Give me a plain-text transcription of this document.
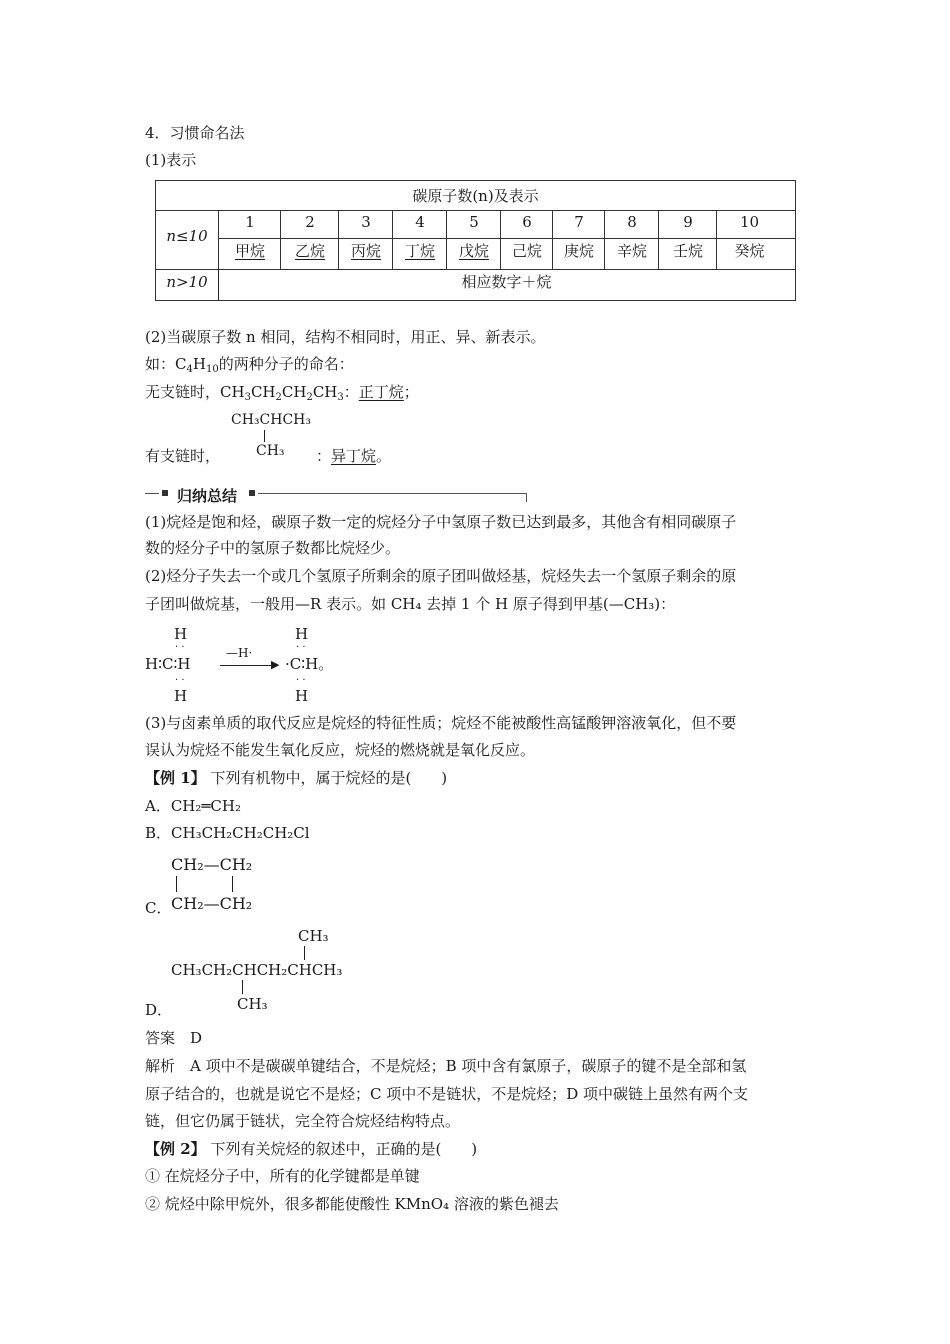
4．习惯命名法
(1)表示
碳原子数(n)及表示
n≤10
n>10	相应数字＋烷
1
甲烷
2
乙烷
3
丙烷
4
丁烷
5
戊烷
6
己烷
7
庚烷
8
辛烷
9
壬烷
10
癸烷
(2)当碳原子数 n 相同，结构不相同时，用正、异、新表示。
如：$C_4H_{10}$的两种分子的命名：
无支链时，$CH_3CH_2CH_2CH_3$：正丁烷；
CH₃CHCH₃
CH₃
有支链时，	：异丁烷。
归纳总结
(1)烷烃是饱和烃，碳原子数一定的烷烃分子中氢原子数已达到最多，其他含有相同碳原子
数的烃分子中的氢原子数都比烷烃少。
(2)烃分子失去一个或几个氢原子所剩余的原子团叫做烃基，烷烃失去一个氢原子剩余的原
子团叫做烷基，一般用—R 表示。如 CH₄ 去掉 1 个 H 原子得到甲基(—CH₃)：
H
· ·
H∶C∶H
· ·
H
—H·
▶
H
· ·
·C∶H。
· ·
H
(3)与卤素单质的取代反应是烷烃的特征性质；烷烃不能被酸性高锰酸钾溶液氧化，但不要
误认为烷烃不能发生氧化反应，烷烃的燃烧就是氧化反应。
【例 1】 下列有机物中，属于烷烃的是(　　)
A．CH₂═CH₂
B．CH₃CH₂CH₂CH₂Cl
CH₂—CH₂
C． CH₂—CH₂
CH₃
CH₃CH₂CHCH₂CHCH₃
CH₃
D．
答案　D
解析　A 项中不是碳碳单键结合，不是烷烃；B 项中含有氯原子，碳原子的键不是全部和氢
原子结合的，也就是说它不是烃；C 项中不是链状，不是烷烃；D 项中碳链上虽然有两个支
链，但它仍属于链状，完全符合烷烃结构特点。
【例 2】 下列有关烷烃的叙述中，正确的是(　　)
① 在烷烃分子中，所有的化学键都是单键
② 烷烃中除甲烷外，很多都能使酸性 KMnO₄ 溶液的紫色褪去
